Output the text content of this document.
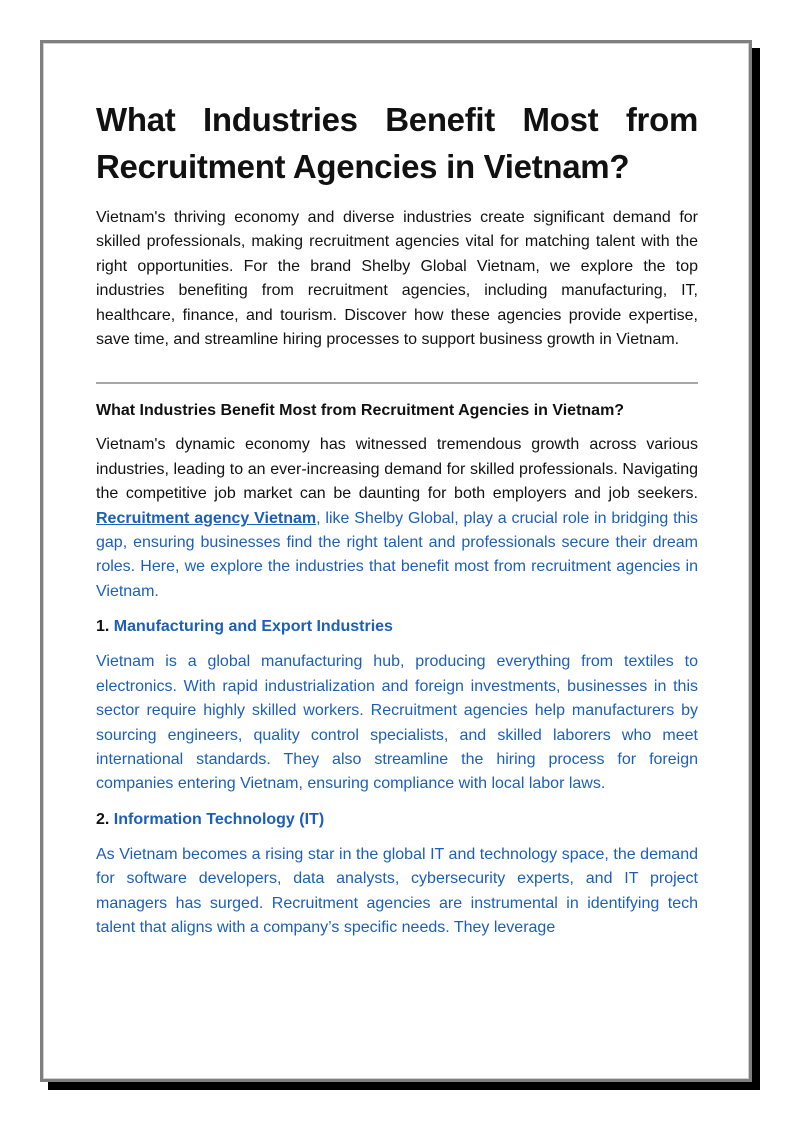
What Industries Benefit Most from
Recruitment Agencies in Vietnam?

Vietnam's thriving economy and diverse industries create significant demand for skilled professionals, making recruitment agencies vital for matching talent with the right opportunities. For the brand Shelby Global Vietnam, we explore the top industries benefiting from recruitment agencies, including manufacturing, IT, healthcare, finance, and tourism. Discover how these agencies provide expertise, save time, and streamline hiring processes to support business growth in Vietnam.

What Industries Benefit Most from Recruitment Agencies in Vietnam?

Vietnam's dynamic economy has witnessed tremendous growth across various industries, leading to an ever-increasing demand for skilled professionals. Navigating the competitive job market can be daunting for both employers and job seekers. Recruitment agency Vietnam, like Shelby Global, play a crucial role in bridging this gap, ensuring businesses find the right talent and professionals secure their dream roles. Here, we explore the industries that benefit most from recruitment agencies in Vietnam.

1. Manufacturing and Export Industries

Vietnam is a global manufacturing hub, producing everything from textiles to electronics. With rapid industrialization and foreign investments, businesses in this sector require highly skilled workers. Recruitment agencies help manufacturers by sourcing engineers, quality control specialists, and skilled laborers who meet international standards. They also streamline the hiring process for foreign companies entering Vietnam, ensuring compliance with local labor laws.

2. Information Technology (IT)

As Vietnam becomes a rising star in the global IT and technology space, the demand for software developers, data analysts, cybersecurity experts, and IT project managers has surged. Recruitment agencies are instrumental in identifying tech talent that aligns with a company’s specific needs. They leverage
